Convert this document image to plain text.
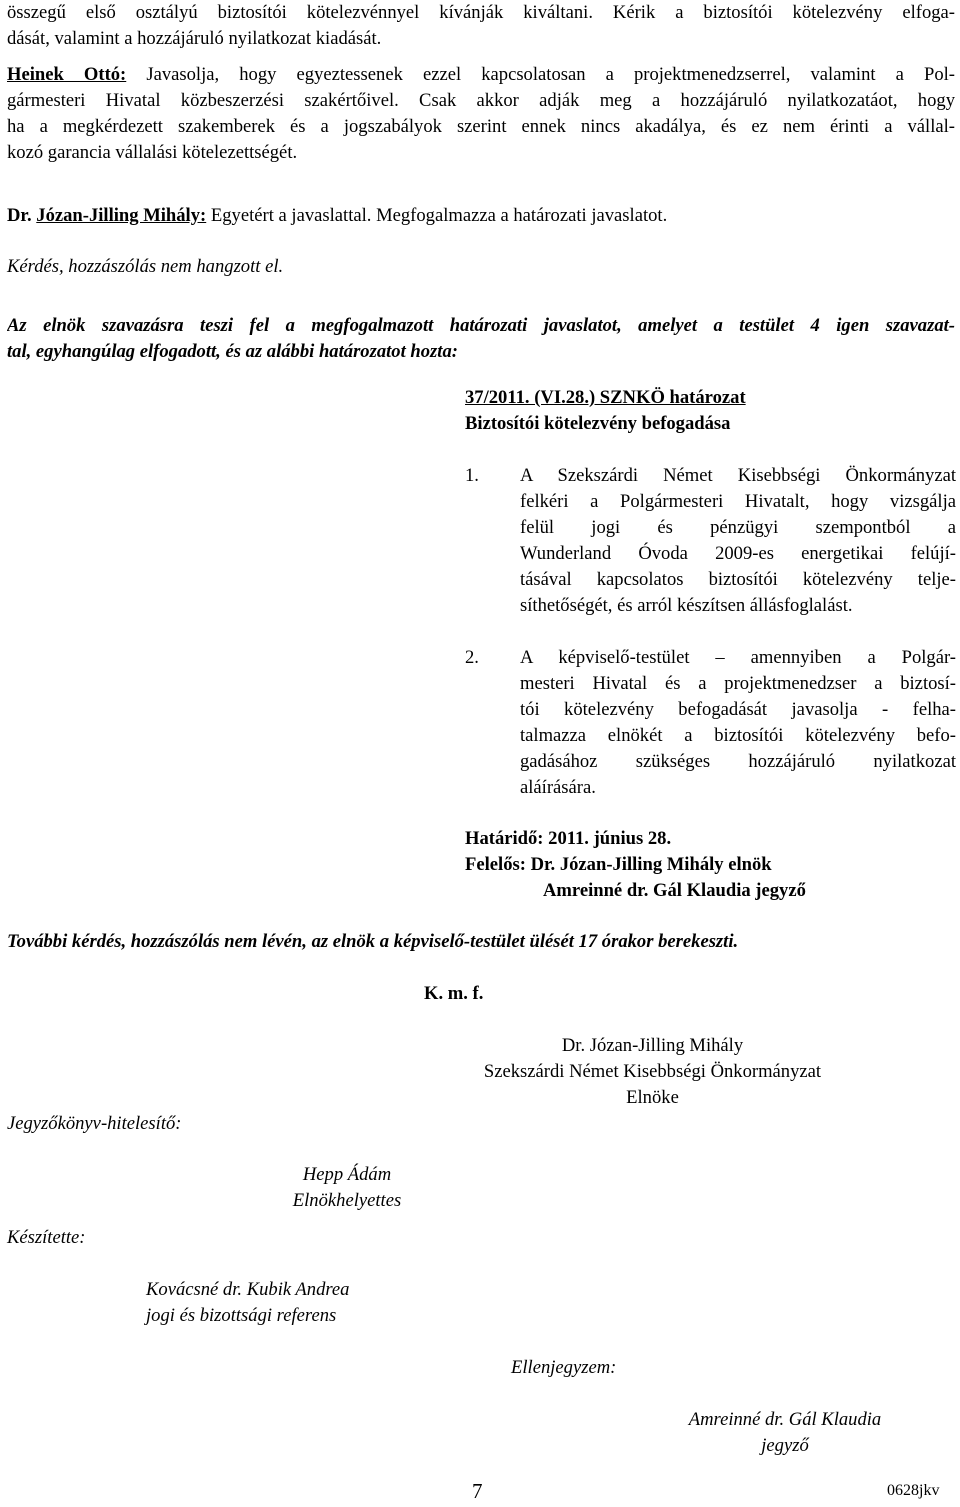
összegű első osztályú biztosítói kötelezvénnyel kívánják kiváltani. Kérik a biztosítói kötelezvény elfoga-
dását, valamint a hozzájáruló nyilatkozat kiadását.
Heinek Ottó: Javasolja, hogy egyeztessenek ezzel kapcsolatosan a projektmenedzserrel, valamint a Pol-
gármesteri Hivatal közbeszerzési szakértőivel. Csak akkor adják meg a hozzájáruló nyilatkozatáot, hogy
ha a megkérdezett szakemberek és a jogszabályok szerint ennek nincs akadálya, és ez nem érinti a vállal-
kozó garancia vállalási kötelezettségét.
Dr. Józan-Jilling Mihály: Egyetért a javaslattal. Megfogalmazza a határozati javaslatot.
Kérdés, hozzászólás nem hangzott el.
Az elnök szavazásra teszi fel a megfogalmazott határozati javaslatot, amelyet a testület 4 igen szavazat-
tal, egyhangúlag elfogadott, és az alábbi határozatot hozta:
37/2011. (VI.28.) SZNKÖ határozat
Biztosítói kötelezvény befogadása
1. A Szekszárdi Német Kisebbségi Önkormányzat
felkéri a Polgármesteri Hivatalt, hogy vizsgálja
felül jogi és pénzügyi szempontból a
Wunderland Óvoda 2009-es energetikai felújí-
tásával kapcsolatos biztosítói kötelezvény telje-
síthetőségét, és arról készítsen állásfoglalást.
2. A képviselő-testület – amennyiben a Polgár-
mesteri Hivatal és a projektmenedzser a biztosí-
tói kötelezvény befogadását javasolja - felha-
talmazza elnökét a biztosítói kötelezvény befo-
gadásához szükséges hozzájáruló nyilatkozat
aláírására.
Határidő: 2011. június 28.
Felelős: Dr. Józan-Jilling Mihály elnök
Amreinné dr. Gál Klaudia jegyző
További kérdés, hozzászólás nem lévén, az elnök a képviselő-testület ülését 17 órakor berekeszti.
K. m. f.
Dr. Józan-Jilling Mihály
Szekszárdi Német Kisebbségi Önkormányzat
Elnöke
Jegyzőkönyv-hitelesítő:
Hepp Ádám
Elnökhelyettes
Készítette:
Kovácsné dr. Kubik Andrea
jogi és bizottsági referens
Ellenjegyzem:
Amreinné dr. Gál Klaudia
jegyző
7	0628jkv
